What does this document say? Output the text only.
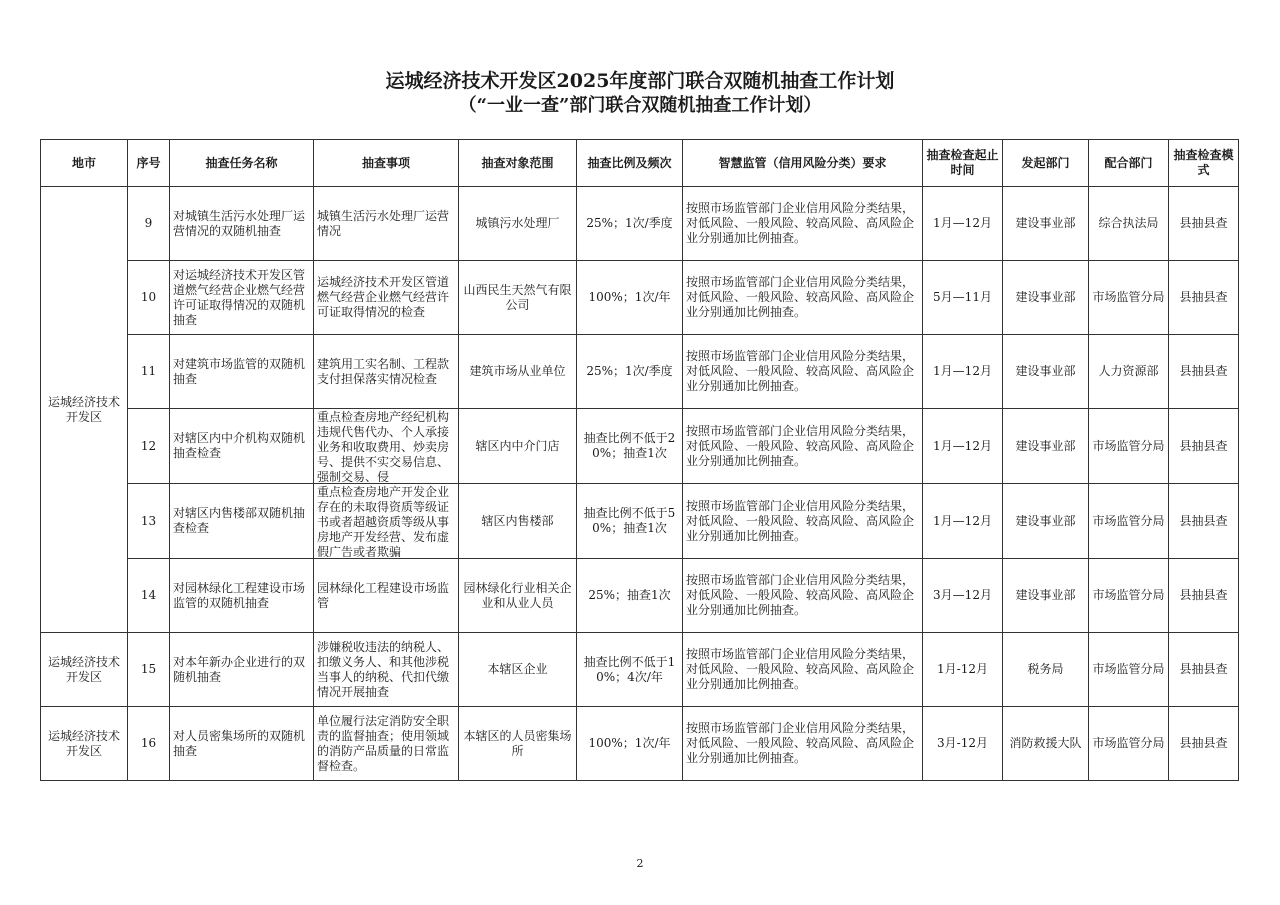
运城经济技术开发区2025年度部门联合双随机抽查工作计划
（“一业一查”部门联合双随机抽查工作计划）
地市	序号	抽查任务名称	抽查事项	抽查对象范围	抽查比例及频次	智慧监管（信用风险分类）要求	抽查检查起止时间	发起部门	配合部门	抽查检查模式
运城经济技术开发区	9	对城镇生活污水处理厂运营情况的双随机抽查	城镇生活污水处理厂运营情况	城镇污水处理厂	25%；1次/季度	按照市场监管部门企业信用风险分类结果，对低风险、一般风险、较高风险、高风险企业分别通加比例抽查。	1月—12月	建设事业部	综合执法局	县抽县查
	10	对运城经济技术开发区管道燃气经营企业燃气经营许可证取得情况的双随机抽查	运城经济技术开发区管道燃气经营企业燃气经营许可证取得情况的检查	山西民生天然气有限公司	100%；1次/年	按照市场监管部门企业信用风险分类结果，对低风险、一般风险、较高风险、高风险企业分别通加比例抽查。	5月—11月	建设事业部	市场监管分局	县抽县查
	11	对建筑市场监管的双随机抽查	建筑用工实名制、工程款支付担保落实情况检查	建筑市场从业单位	25%；1次/季度	按照市场监管部门企业信用风险分类结果，对低风险、一般风险、较高风险、高风险企业分别通加比例抽查。	1月—12月	建设事业部	人力资源部	县抽县查
	12	对辖区内中介机构双随机抽查检查	重点检查房地产经纪机构违规代售代办、个人承接业务和收取费用、炒卖房号、提供不实交易信息、强制交易、侵	辖区内中介门店	抽查比例不低于20%；抽查1次	按照市场监管部门企业信用风险分类结果，对低风险、一般风险、较高风险、高风险企业分别通加比例抽查。	1月—12月	建设事业部	市场监管分局	县抽县查
	13	对辖区内售楼部双随机抽查检查	重点检查房地产开发企业存在的未取得资质等级证书或者超越资质等级从事房地产开发经营、发布虚假广告或者欺骗	辖区内售楼部	抽查比例不低于50%；抽查1次	按照市场监管部门企业信用风险分类结果，对低风险、一般风险、较高风险、高风险企业分别通加比例抽查。	1月—12月	建设事业部	市场监管分局	县抽县查
	14	对园林绿化工程建设市场监管的双随机抽查	园林绿化工程建设市场监管	园林绿化行业相关企业和从业人员	25%；抽查1次	按照市场监管部门企业信用风险分类结果，对低风险、一般风险、较高风险、高风险企业分别通加比例抽查。	3月—12月	建设事业部	市场监管分局	县抽县查
运城经济技术开发区	15	对本年新办企业进行的双随机抽查	涉嫌税收违法的纳税人、扣缴义务人、和其他涉税当事人的纳税、代扣代缴情况开展抽查	本辖区企业	抽查比例不低于10%；4次/年	按照市场监管部门企业信用风险分类结果，对低风险、一般风险、较高风险、高风险企业分别通加比例抽查。	1月-12月	税务局	市场监管分局	县抽县查
运城经济技术开发区	16	对人员密集场所的双随机抽查	单位履行法定消防安全职责的监督抽查；使用领域的消防产品质量的日常监督检查。	本辖区的人员密集场所	100%；1次/年	按照市场监管部门企业信用风险分类结果，对低风险、一般风险、较高风险、高风险企业分别通加比例抽查。	3月-12月	消防救援大队	市场监管分局	县抽县查
2
